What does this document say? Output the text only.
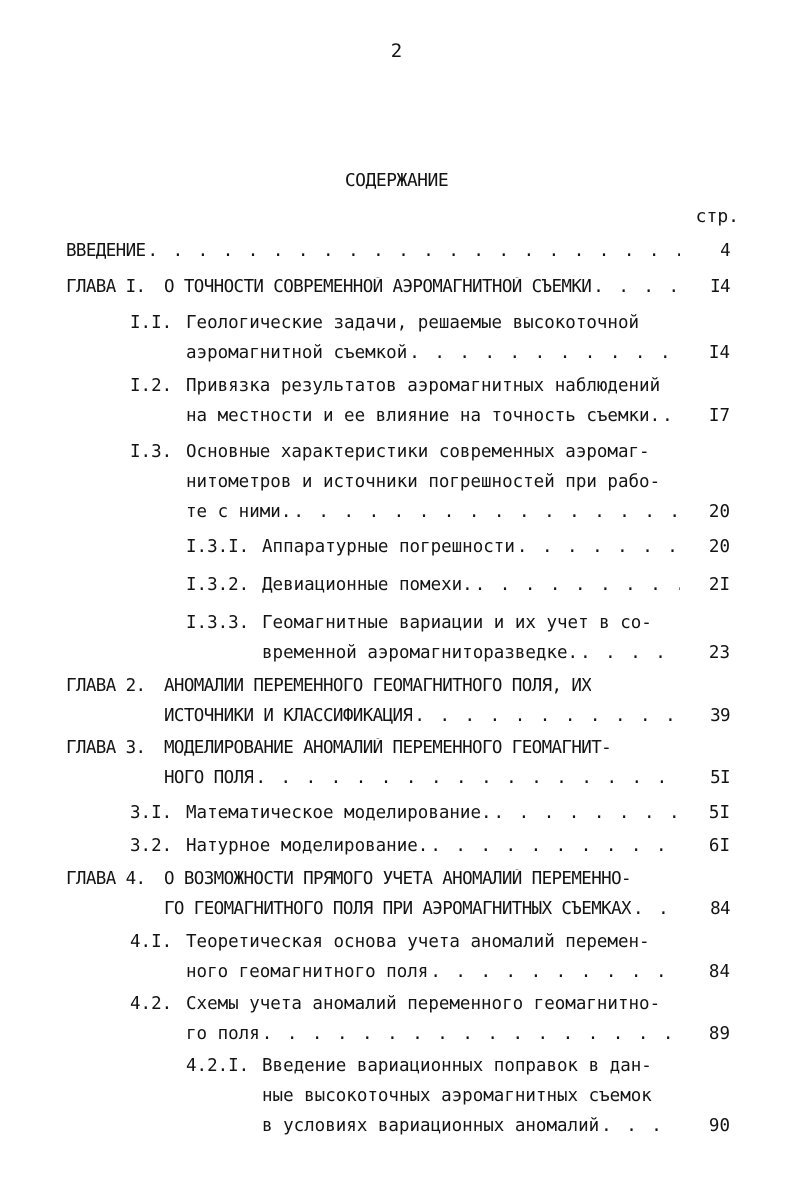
2
СОДЕРЖАНИЕ
стр.
ВВЕДЕНИЕ . . .	4
ГЛАВА I.	О ТОЧНОСТИ СОВРЕМЕННОЙ АЭРОМАГНИТНОЙ СЪЕМКИ . . .	I4
I.I. Геологические задачи, решаемые высокоточной
аэромагнитной съемкой . . .	I4
I.2. Привязка результатов аэромагнитных наблюдений
на местности и ее влияние на точность съемки. . . .	I7
I.3. Основные характеристики современных аэромаг-
нитометров и источники погрешностей при рабо-
те с ними. . . .	20
I.3.I. Аппаратурные погрешности . . .	20
I.3.2. Девиационные помехи. . . .	2I
I.3.3. Геомагнитные вариации и их учет в со-
временной аэромагниторазведке. . . .	23
ГЛАВА 2.	АНОМАЛИИ ПЕРЕМЕННОГО ГЕОМАГНИТНОГО ПОЛЯ, ИХ
ИСТОЧНИКИ И КЛАССИФИКАЦИЯ . . .	39
ГЛАВА 3.	МОДЕЛИРОВАНИЕ АНОМАЛИЙ ПЕРЕМЕННОГО ГЕОМАГНИТ-
НОГО ПОЛЯ . . .	5I
3.I. Математическое моделирование. . . .	5I
3.2. Натурное моделирование. . . .	6I
ГЛАВА 4.	О ВОЗМОЖНОСТИ ПРЯМОГО УЧЕТА АНОМАЛИЙ ПЕРЕМЕННО-
ГО ГЕОМАГНИТНОГО ПОЛЯ ПРИ АЭРОМАГНИТНЫХ СЪЕМКАХ . . .	84
4.I. Теоретическая основа учета аномалий перемен-
ного геомагнитного поля . . .	84
4.2. Схемы учета аномалий переменного геомагнитно-
го поля . . .	89
4.2.I. Введение вариационных поправок в дан-
ные высокоточных аэромагнитных съемок
в условиях вариационных аномалий . . .	90
